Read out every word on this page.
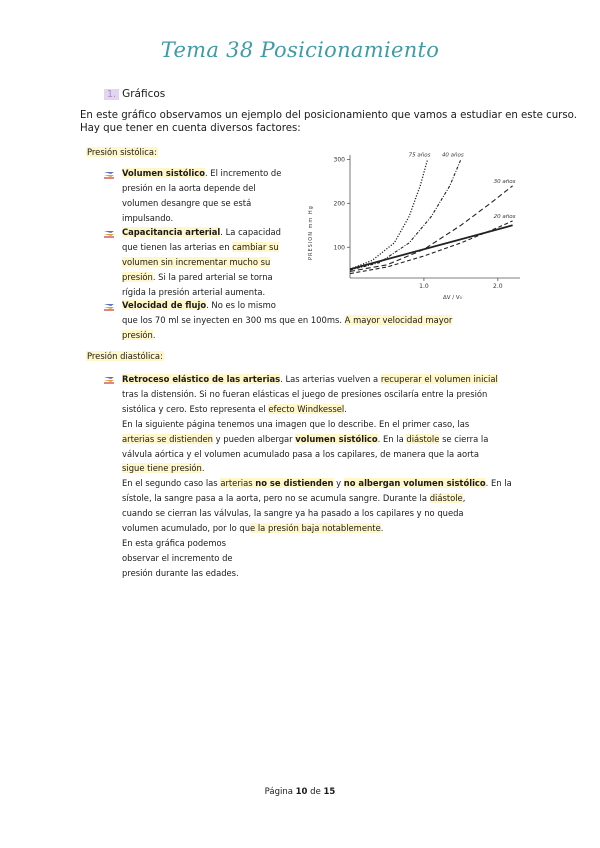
Tema 38 Posicionamiento
1. Gráficos
En este gráfico observamos un ejemplo del posicionamiento que vamos a estudiar en este curso. Hay que tener en cuenta diversos factores:
Presión sistólica:
Volumen sistólico. El incremento de
presión en la aorta depende del
volumen desangre que se está
impulsando.
Capacitancia arterial. La capacidad
que tienen las arterias en cambiar su
volumen sin incrementar mucho su
presión. Si la pared arterial se torna
rígida la presión arterial aumenta.
Velocidad de flujo. No es lo mismo
que los 70 ml se inyecten en 300 ms que en 100ms. A mayor velocidad mayor
presión.
PRESION mm Hg
ΔV / V₀
300
200
100
1.0	2.0
75 años 40 años
30 años
20 años
Presión diastólica:
Retroceso elástico de las arterias. Las arterias vuelven a recuperar el volumen inicial
tras la distensión. Si no fueran elásticas el juego de presiones oscilaría entre la presión
sistólica y cero. Esto representa el efecto Windkessel.
En la siguiente página tenemos una imagen que lo describe. En el primer caso, las
arterias se distienden y pueden albergar volumen sistólico. En la diástole se cierra la
válvula aórtica y el volumen acumulado pasa a los capilares, de manera que la aorta
sigue tiene presión.
En el segundo caso las arterias no se distienden y no albergan volumen sistólico. En la
sístole, la sangre pasa a la aorta, pero no se acumula sangre. Durante la diástole,
cuando se cierran las válvulas, la sangre ya ha pasado a los capilares y no queda
volumen acumulado, por lo que la presión baja notablemente.
En esta gráfica podemos
observar el incremento de
presión durante las edades.
Página 10 de 15
